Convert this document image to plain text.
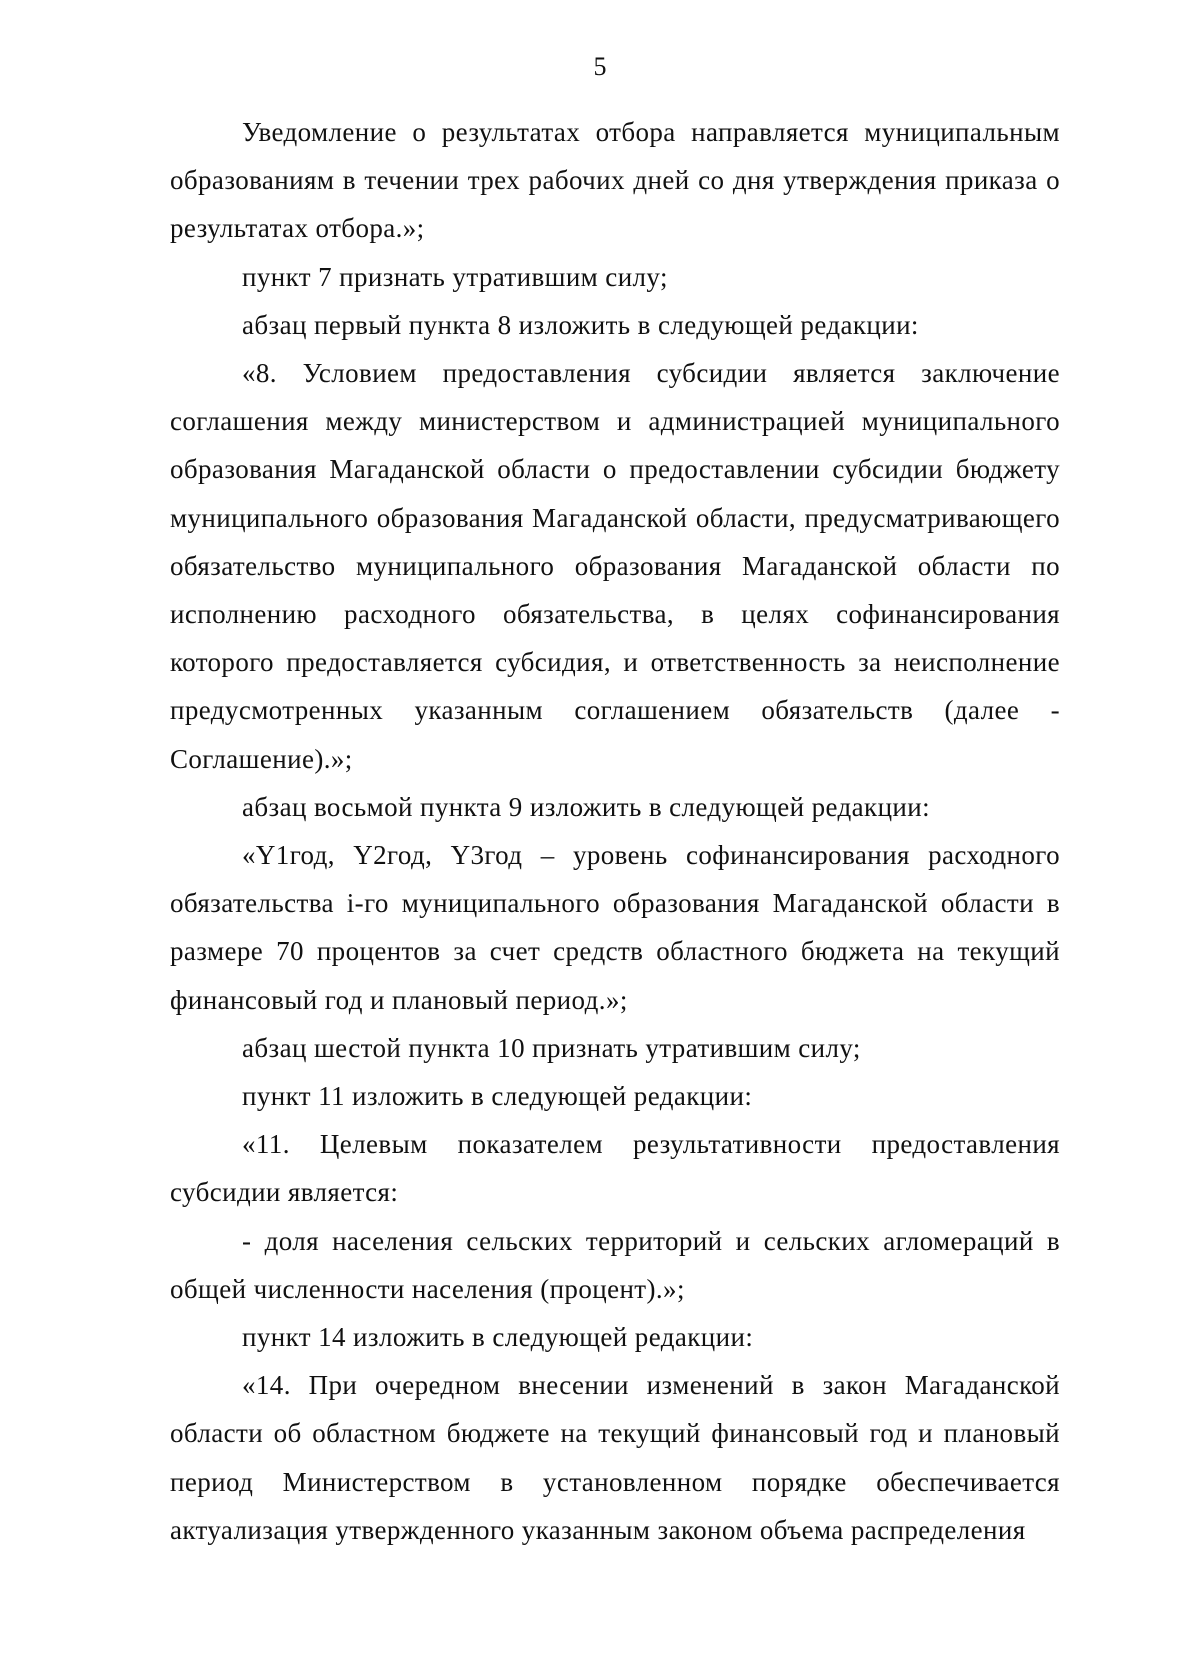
5

Уведомление о результатах отбора направляется муниципальным образованиям в течении трех рабочих дней со дня утверждения приказа о результатах отбора.»;

пункт 7 признать утратившим силу;

абзац первый пункта 8 изложить в следующей редакции:

«8. Условием предоставления субсидии является заключение соглашения между министерством и администрацией муниципального образования Магаданской области о предоставлении субсидии бюджету муниципального образования Магаданской области, предусматривающего обязательство муниципального образования Магаданской области по исполнению расходного обязательства, в целях софинансирования которого предоставляется субсидия, и ответственность за неисполнение предусмотренных указанным соглашением обязательств (далее - Соглашение).»;

абзац восьмой пункта 9 изложить в следующей редакции:

«Y1год, Y2год, Y3год – уровень софинансирования расходного обязательства i-го муниципального образования Магаданской области в размере 70 процентов за счет средств областного бюджета на текущий финансовый год и плановый период.»;

абзац шестой пункта 10 признать утратившим силу;

пункт 11 изложить в следующей редакции:

«11. Целевым показателем результативности предоставления субсидии является:

- доля населения сельских территорий и сельских агломераций в общей численности населения (процент).»;

пункт 14 изложить в следующей редакции:

«14. При очередном внесении изменений в закон Магаданской области об областном бюджете на текущий финансовый год и плановый период Министерством в установленном порядке обеспечивается актуализация утвержденного указанным законом объема распределения
